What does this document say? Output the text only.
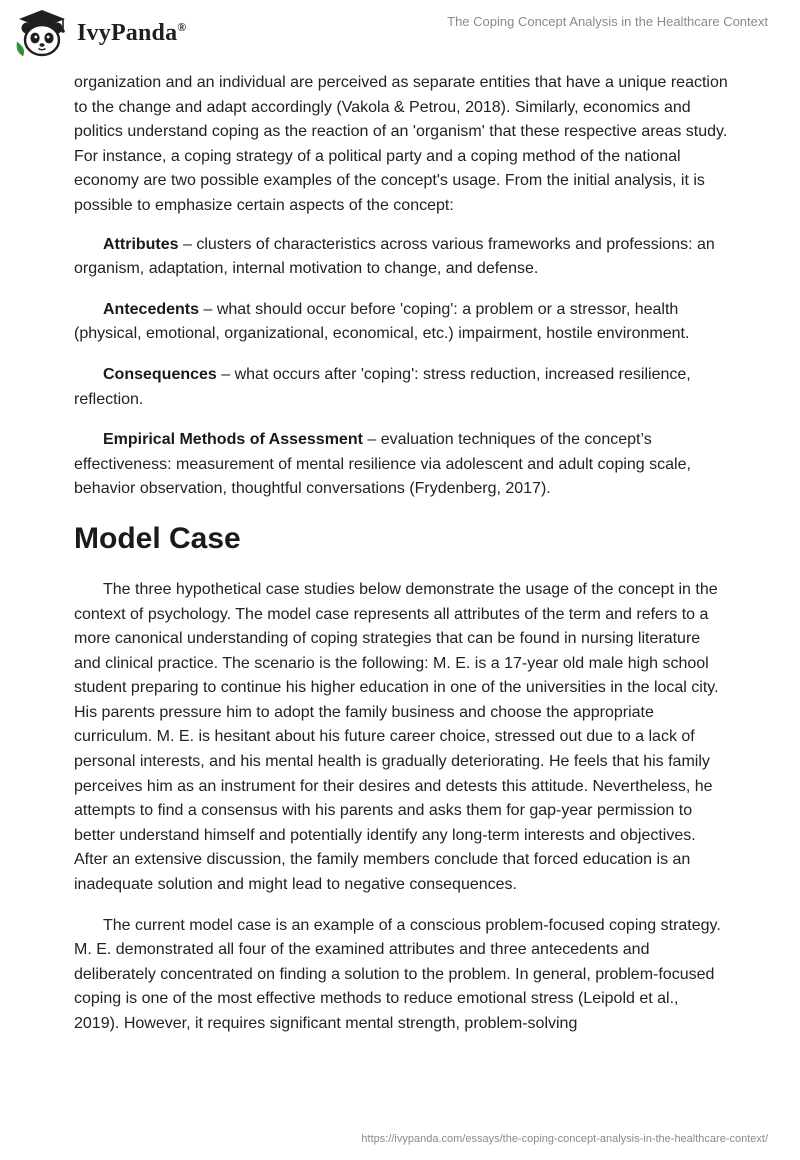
IvyPanda®	The Coping Concept Analysis in the Healthcare Context

organization and an individual are perceived as separate entities that have a unique reaction to the change and adapt accordingly (Vakola & Petrou, 2018). Similarly, economics and politics understand coping as the reaction of an 'organism' that these respective areas study. For instance, a coping strategy of a political party and a coping method of the national economy are two possible examples of the concept's usage. From the initial analysis, it is possible to emphasize certain aspects of the concept:

Attributes – clusters of characteristics across various frameworks and professions: an organism, adaptation, internal motivation to change, and defense.

Antecedents – what should occur before 'coping': a problem or a stressor, health (physical, emotional, organizational, economical, etc.) impairment, hostile environment.

Consequences – what occurs after 'coping': stress reduction, increased resilience, reflection.

Empirical Methods of Assessment – evaluation techniques of the concept’s effectiveness: measurement of mental resilience via adolescent and adult coping scale, behavior observation, thoughtful conversations (Frydenberg, 2017).

Model Case

The three hypothetical case studies below demonstrate the usage of the concept in the context of psychology. The model case represents all attributes of the term and refers to a more canonical understanding of coping strategies that can be found in nursing literature and clinical practice. The scenario is the following: M. E. is a 17-year old male high school student preparing to continue his higher education in one of the universities in the local city. His parents pressure him to adopt the family business and choose the appropriate curriculum. M. E. is hesitant about his future career choice, stressed out due to a lack of personal interests, and his mental health is gradually deteriorating. He feels that his family perceives him as an instrument for their desires and detests this attitude. Nevertheless, he attempts to find a consensus with his parents and asks them for gap-year permission to better understand himself and potentially identify any long-term interests and objectives. After an extensive discussion, the family members conclude that forced education is an inadequate solution and might lead to negative consequences.

The current model case is an example of a conscious problem-focused coping strategy. M. E. demonstrated all four of the examined attributes and three antecedents and deliberately concentrated on finding a solution to the problem. In general, problem-focused coping is one of the most effective methods to reduce emotional stress (Leipold et al., 2019). However, it requires significant mental strength, problem-solving

https://ivypanda.com/essays/the-coping-concept-analysis-in-the-healthcare-context/
